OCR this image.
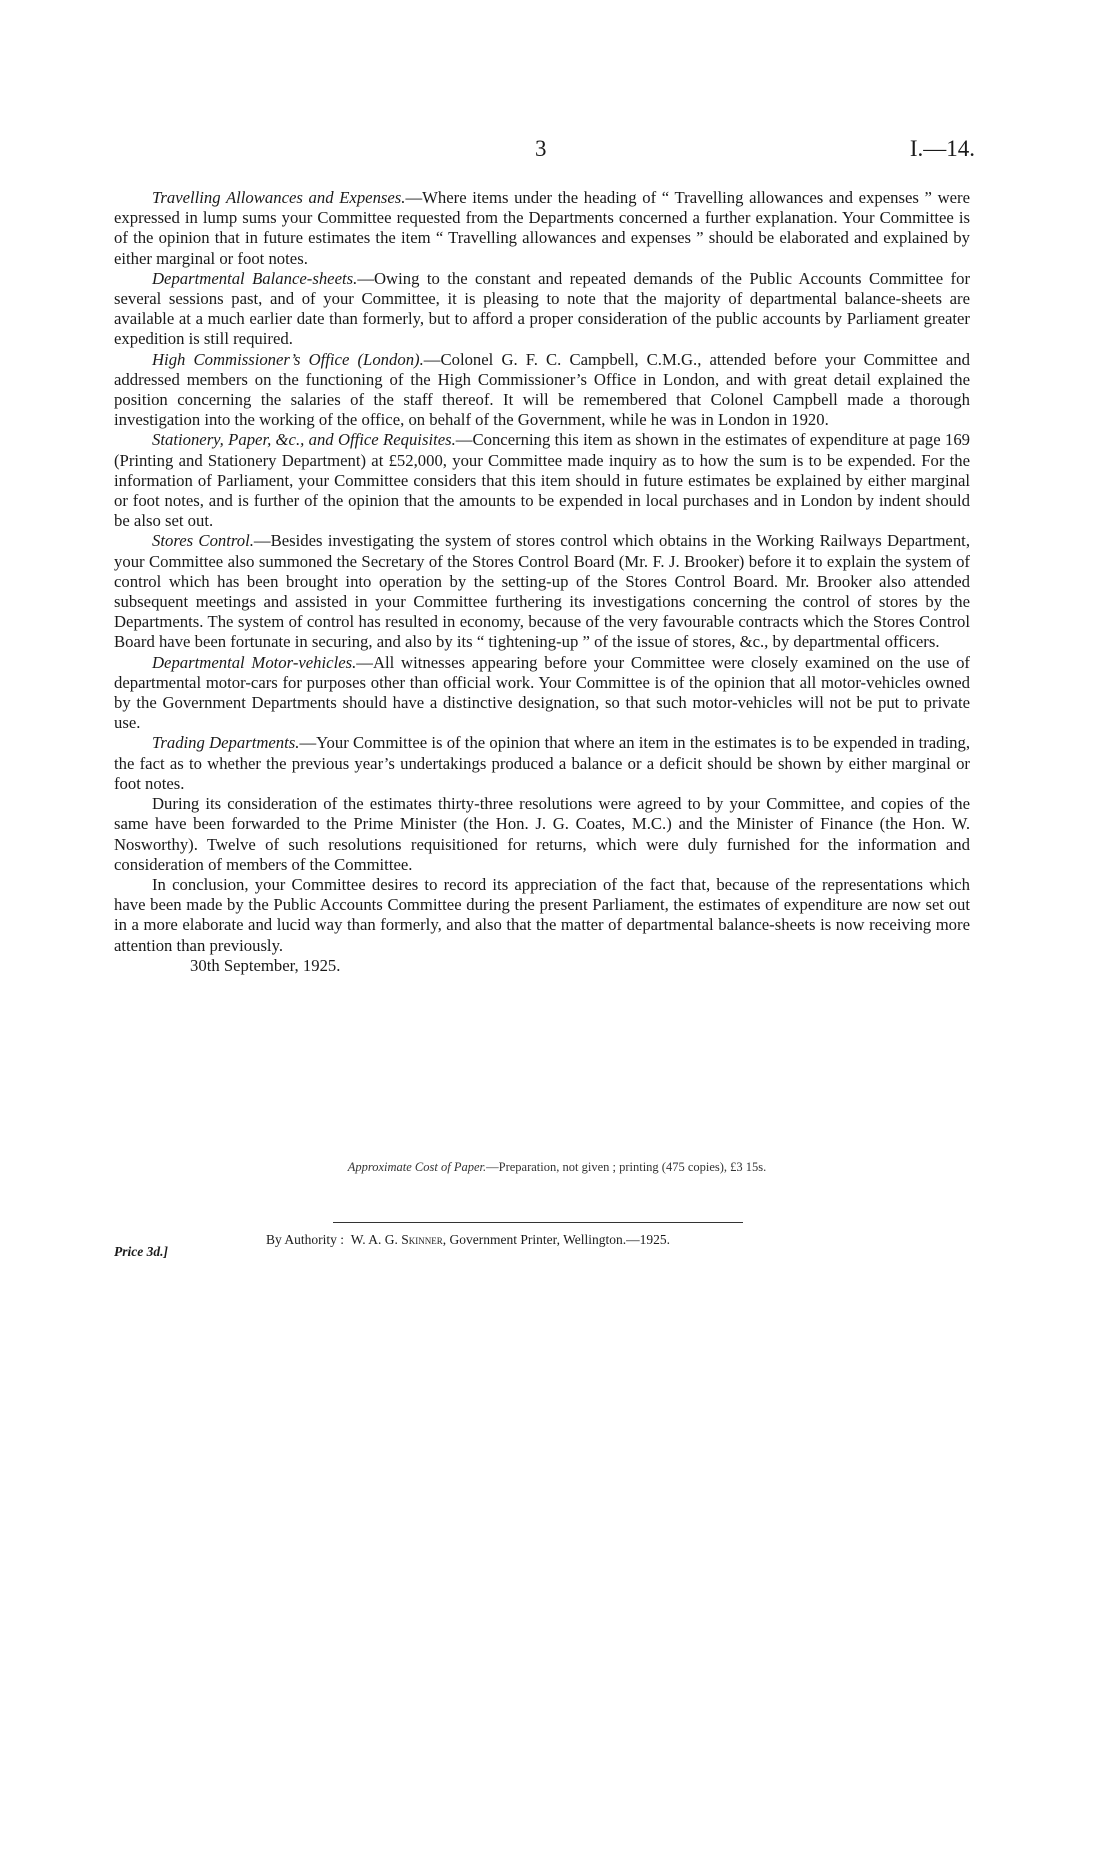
3	I.—14.

Travelling Allowances and Expenses.—Where items under the heading of “ Travelling allowances and expenses ” were expressed in lump sums your Committee requested from the Departments concerned a further explanation. Your Committee is of the opinion that in future estimates the item “ Travelling allowances and expenses ” should be elaborated and explained by either marginal or foot notes.

Departmental Balance-sheets.—Owing to the constant and repeated demands of the Public Accounts Committee for several sessions past, and of your Committee, it is pleasing to note that the majority of departmental balance-sheets are available at a much earlier date than formerly, but to afford a proper consideration of the public accounts by Parliament greater expedition is still required.

High Commissioner’s Office (London).—Colonel G. F. C. Campbell, C.M.G., attended before your Committee and addressed members on the functioning of the High Commissioner’s Office in London, and with great detail explained the position concerning the salaries of the staff thereof. It will be remembered that Colonel Campbell made a thorough investigation into the working of the office, on behalf of the Government, while he was in London in 1920.

Stationery, Paper, &c., and Office Requisites.—Concerning this item as shown in the estimates of expenditure at page 169 (Printing and Stationery Department) at £52,000, your Committee made inquiry as to how the sum is to be expended. For the information of Parliament, your Committee considers that this item should in future estimates be explained by either marginal or foot notes, and is further of the opinion that the amounts to be expended in local purchases and in London by indent should be also set out.

Stores Control.—Besides investigating the system of stores control which obtains in the Working Railways Department, your Committee also summoned the Secretary of the Stores Control Board (Mr. F. J. Brooker) before it to explain the system of control which has been brought into operation by the setting-up of the Stores Control Board. Mr. Brooker also attended subsequent meetings and assisted in your Committee furthering its investigations concerning the control of stores by the Departments. The system of control has resulted in economy, because of the very favourable contracts which the Stores Control Board have been fortunate in securing, and also by its “ tightening-up ” of the issue of stores, &c., by departmental officers.

Departmental Motor-vehicles.—All witnesses appearing before your Committee were closely examined on the use of departmental motor-cars for purposes other than official work. Your Committee is of the opinion that all motor-vehicles owned by the Government Departments should have a distinctive designation, so that such motor-vehicles will not be put to private use.

Trading Departments.—Your Committee is of the opinion that where an item in the estimates is to be expended in trading, the fact as to whether the previous year’s undertakings produced a balance or a deficit should be shown by either marginal or foot notes.

During its consideration of the estimates thirty-three resolutions were agreed to by your Committee, and copies of the same have been forwarded to the Prime Minister (the Hon. J. G. Coates, M.C.) and the Minister of Finance (the Hon. W. Nosworthy). Twelve of such resolutions requisitioned for returns, which were duly furnished for the information and consideration of members of the Committee.

In conclusion, your Committee desires to record its appreciation of the fact that, because of the representations which have been made by the Public Accounts Committee during the present Parliament, the estimates of expenditure are now set out in a more elaborate and lucid way than formerly, and also that the matter of departmental balance-sheets is now receiving more attention than previously.

30th September, 1925.

Approximate Cost of Paper.—Preparation, not given ; printing (475 copies), £3 15s.
By Authority : W. A. G. Skinner, Government Printer, Wellington.—1925.
Price 3d.]
